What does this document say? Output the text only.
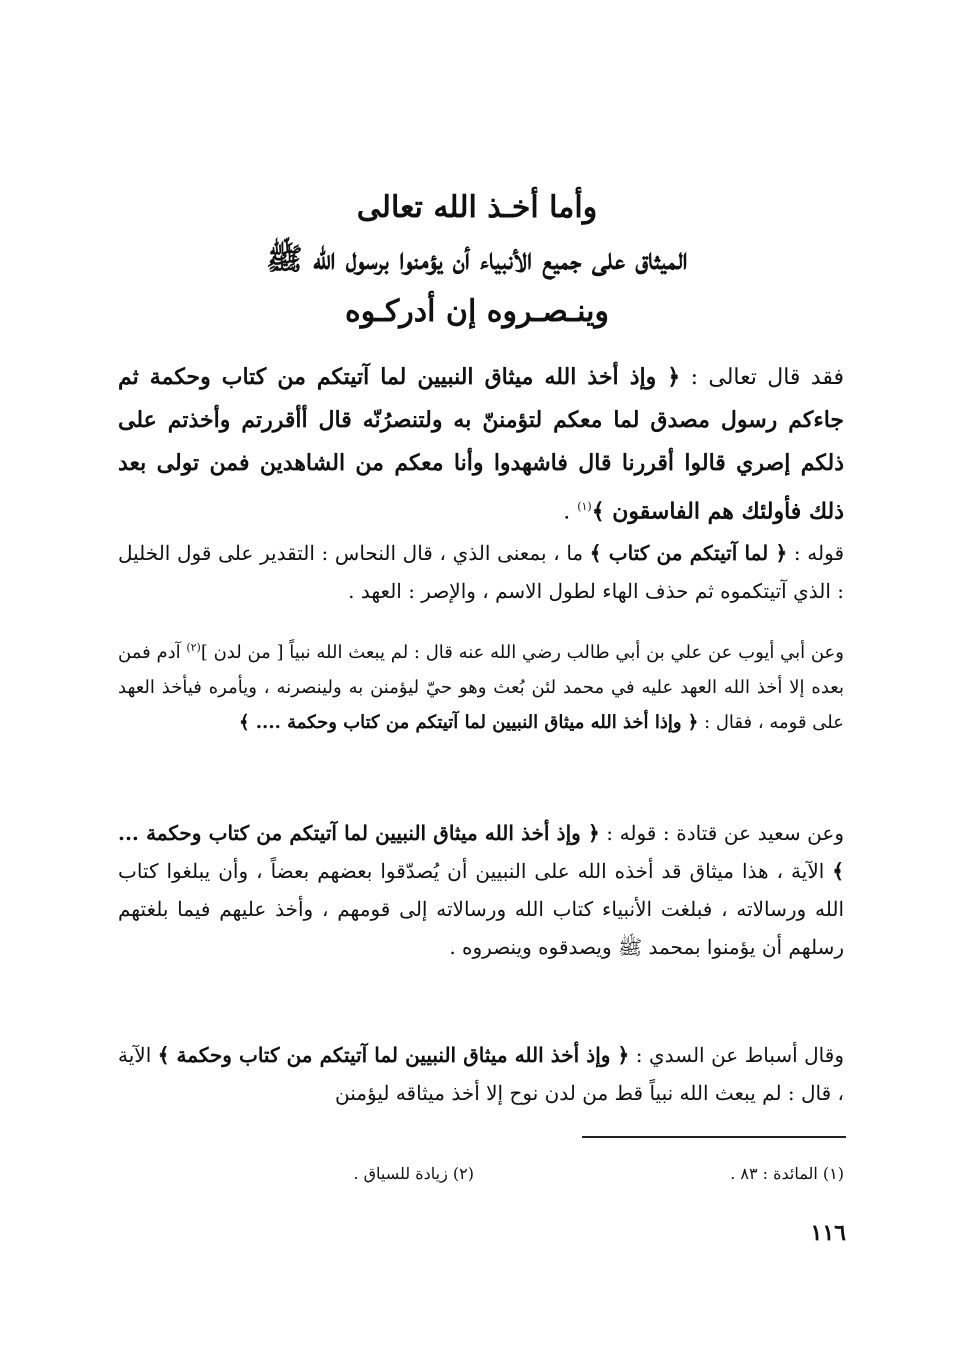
وأما أخـذ الله تعالى
الميثاق على جميع الأنبياء أن يؤمنوا برسول الله ﷺ
وينـصـروه إن أدركـوه
فقد قال تعالى : ﴿ وإذ أخذ الله ميثاق النبيين لما آتيتكم من كتاب وحكمة ثم جاءكم رسول مصدق لما معكم لتؤمننّ به ولتنصرُنّه قال أأقررتم وأخذتم على ذلكم إصري قالوا أقررنا قال فاشهدوا وأنا معكم من الشاهدين فمن تولى بعد ذلك فأولئك هم الفاسقون ﴾$^{(١)}$ .
قوله : ﴿ لما آتيتكم من كتاب ﴾ ما ، بمعنى الذي ، قال النحاس : التقدير على قول الخليل : الذي آتيتكموه ثم حذف الهاء لطول الاسم ، والإصر : العهد .
وعن أبي أيوب عن علي بن أبي طالب رضي الله عنه قال : لم يبعث الله نبياً [ من لدن ]$^{(٢)}$ آدم فمن بعده إلا أخذ الله العهد عليه في محمد لئن بُعث وهو حيّ ليؤمنن به ولينصرنه ، ويأمره فيأخذ العهد على قومه ، فقال : ﴿ وإذا أخذ الله ميثاق النبيين لما آتيتكم من كتاب وحكمة .... ﴾
وعن سعيد عن قتادة : قوله : ﴿ وإذ أخذ الله ميثاق النبيين لما آتيتكم من كتاب وحكمة ... ﴾ الآية ، هذا ميثاق قد أخذه الله على النبيين أن يُصدّقوا بعضهم بعضاً ، وأن يبلغوا كتاب الله ورسالاته ، فبلغت الأنبياء كتاب الله ورسالاته إلى قومهم ، وأخذ عليهم فيما بلغتهم رسلهم أن يؤمنوا بمحمد ﷺ ويصدقوه وينصروه .
وقال أسباط عن السدي : ﴿ وإذ أخذ الله ميثاق النبيين لما آتيتكم من كتاب وحكمة ﴾ الآية ، قال : لم يبعث الله نبياً قط من لدن نوح إلا أخذ ميثاقه ليؤمنن
(١) المائدة : ٨٣ .
(٢) زيادة للسياق .
١١٦
